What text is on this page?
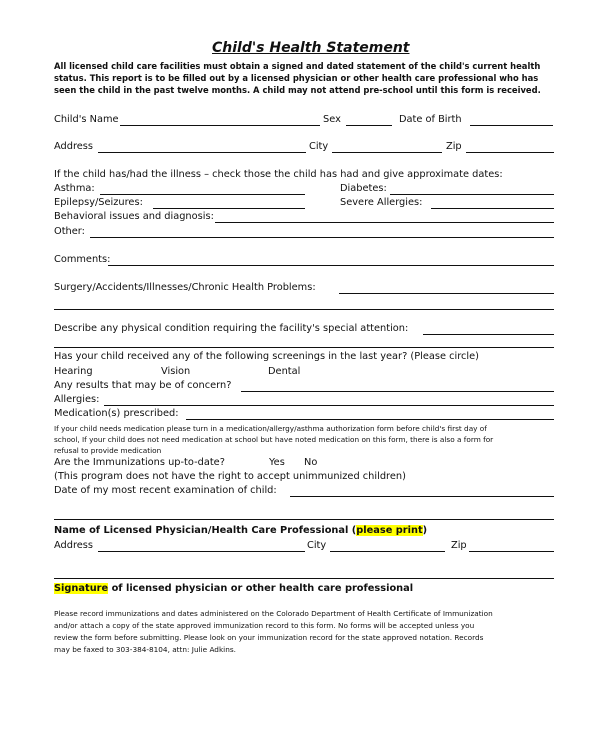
Child's Health Statement
All licensed child care facilities must obtain a signed and dated statement of the child's current health
status. This report is to be filled out by a licensed physician or other health care professional who has
seen the child in the past twelve months. A child may not attend pre-school until this form is received.
Child's Name	Sex	Date of Birth
Address	City	Zip
If the child has/had the illness – check those the child has had and give approximate dates:
Asthma:	Diabetes:
Epilepsy/Seizures:	Severe Allergies:
Behavioral issues and diagnosis:
Other:
Comments:
Surgery/Accidents/Illnesses/Chronic Health Problems:
Describe any physical condition requiring the facility's special attention:
Has your child received any of the following screenings in the last year? (Please circle)
Hearing	Vision	Dental
Any results that may be of concern?
Allergies:
Medication(s) prescribed:
If your child needs medication please turn in a medication/allergy/asthma authorization form before child's first day of
school, If your child does not need medication at school but have noted medication on this form, there is also a form for
refusal to provide medication
Are the Immunizations up-to-date?	Yes No
(This program does not have the right to accept unimmunized children)
Date of my most recent examination of child:
Name of Licensed Physician/Health Care Professional (please print)
Address	City	Zip
Signature of licensed physician or other health care professional
Please record immunizations and dates administered on the Colorado Department of Health Certificate of Immunization
and/or attach a copy of the state approved immunization record to this form. No forms will be accepted unless you
review the form before submitting. Please look on your immunization record for the state approved notation. Records
may be faxed to 303-384-8104, attn: Julie Adkins.
